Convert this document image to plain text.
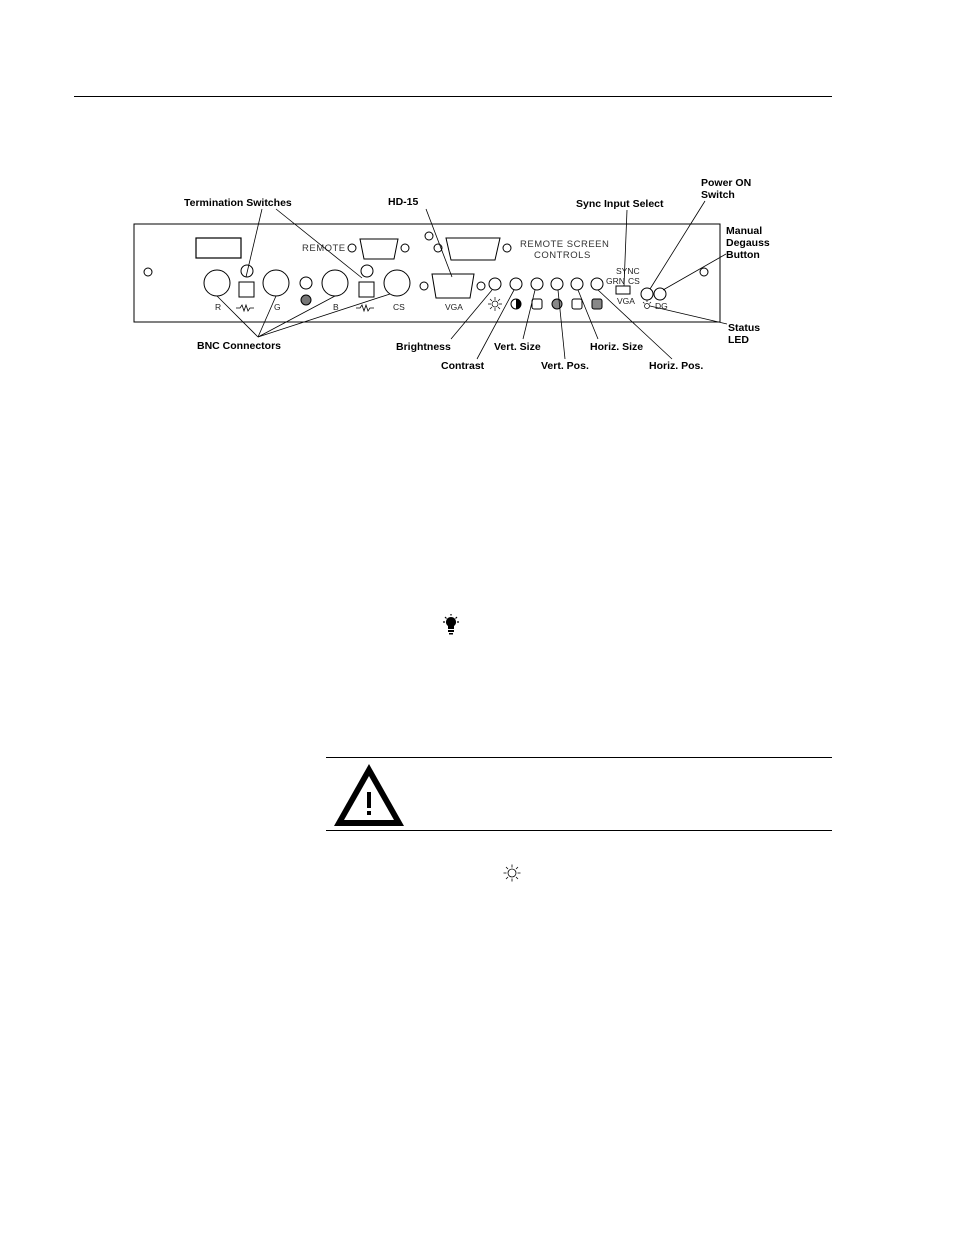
R	G	B	CS
REMOTE	REMOTE SCREEN
CONTROLS
VGA
SYNC
GRN CS
VGA DG
Termination Switches	HD-15	Sync Input Select
Power ON
Switch
Manual
Degauss
Button
BNC Connectors	Brightness
Contrast
Vert. Size
Vert. Pos.
Horiz. Size
Horiz. Pos.
Status
LED
